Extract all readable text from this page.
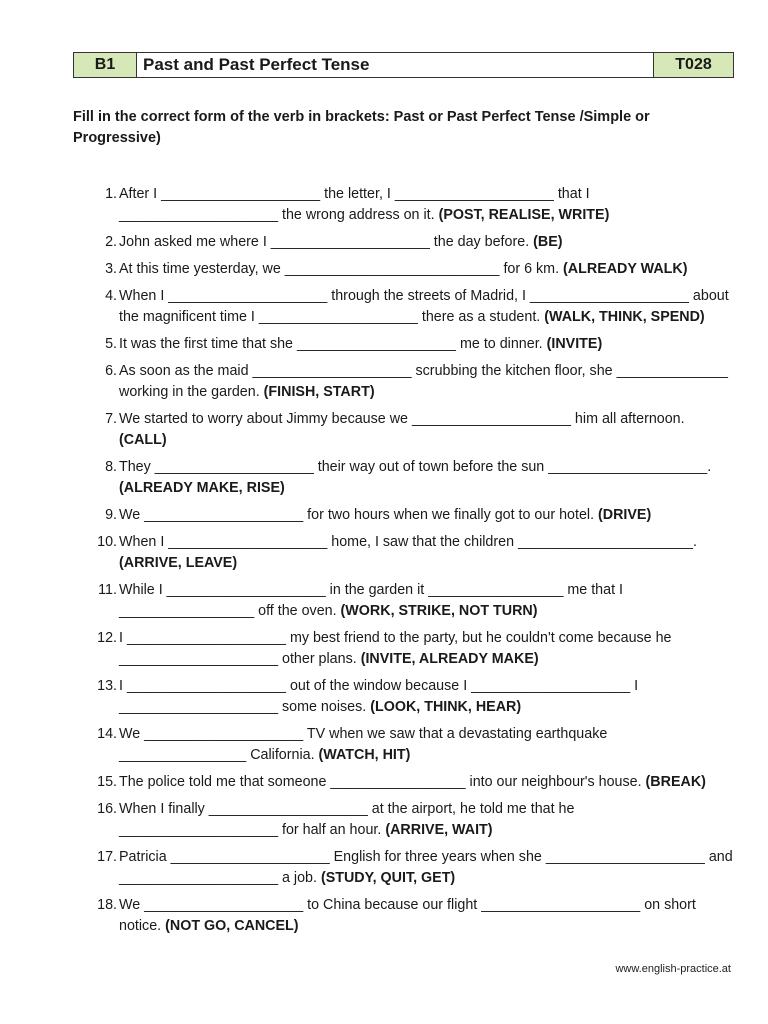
B1	Past and Past Perfect Tense	T028
Fill in the correct form of the verb in brackets: Past or Past Perfect Tense /Simple or Progressive)
1. After I ____________________ the letter, I ____________________ that I ____________________ the wrong address on it. (POST, REALISE, WRITE)
2. John asked me where I ____________________ the day before. (BE)
3. At this time yesterday, we ___________________________ for 6 km. (ALREADY WALK)
4. When I ____________________ through the streets of Madrid, I ____________________ about the magnificent time I ____________________ there as a student. (WALK, THINK, SPEND)
5. It was the first time that she ____________________ me to dinner. (INVITE)
6. As soon as the maid ____________________ scrubbing the kitchen floor, she ______________ working in the garden. (FINISH, START)
7. We started to worry about Jimmy because we ____________________ him all afternoon. (CALL)
8. They ____________________ their way out of town before the sun ____________________. (ALREADY MAKE, RISE)
9. We ____________________ for two hours when we finally got to our hotel. (DRIVE)
10. When I ____________________ home, I saw that the children ______________________. (ARRIVE, LEAVE)
11. While I ____________________ in the garden it _________________ me that I _________________ off the oven. (WORK, STRIKE, NOT TURN)
12. I ____________________ my best friend to the party, but he couldn't come because he ____________________ other plans. (INVITE, ALREADY MAKE)
13. I ____________________ out of the window because I ____________________ I ____________________ some noises. (LOOK, THINK, HEAR)
14. We ____________________ TV when we saw that a devastating earthquake ________________ California. (WATCH, HIT)
15. The police told me that someone _________________ into our neighbour's house. (BREAK)
16. When I finally ____________________ at the airport, he told me that he ____________________ for half an hour. (ARRIVE, WAIT)
17. Patricia ____________________ English for three years when she ____________________ and ____________________ a job. (STUDY, QUIT, GET)
18. We ____________________ to China because our flight ____________________ on short notice. (NOT GO, CANCEL)
www.english-practice.at
